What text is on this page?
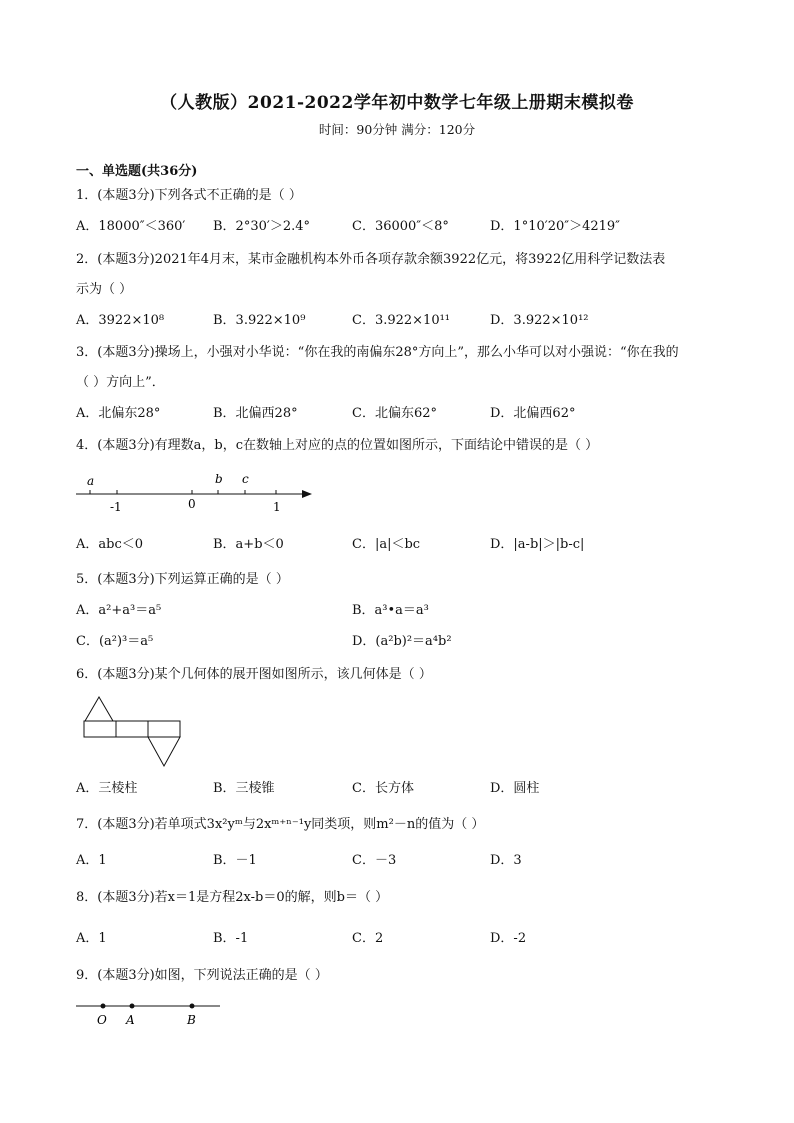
（人教版）2021-2022学年初中数学七年级上册期末模拟卷
时间：90分钟 满分：120分
一、单选题(共36分)
1．(本题3分)下列各式不正确的是（ ）
A．18000″＜360′ B．2°30′＞2.4°	C．36000″＜8°	D．1°10′20″＞4219″
2．(本题3分)2021年4月末，某市金融机构本外币各项存款余额3922亿元，将3922亿用科学记数法表
示为（ ）
A．3922×10⁸	B．3.922×10⁹	C．3.922×10¹¹	D．3.922×10¹²
3．(本题3分)操场上，小强对小华说：“你在我的南偏东28°方向上”，那么小华可以对小强说：“你在我的
（ ）方向上”．
A．北偏东28°	B．北偏西28°	C．北偏东62°	D．北偏西62°
4．(本题3分)有理数a，b，c在数轴上对应的点的位置如图所示，下面结论中错误的是（ ）
a	b c
-1	0	1
A．abc＜0	B．a+b＜0	C．|a|＜bc	D．|a-b|＞|b-c|
5．(本题3分)下列运算正确的是（ ）
A．a²+a³＝a⁵	B．a³•a＝a³
C．(a²)³＝a⁵	D．(a²b)²＝a⁴b²
6．(本题3分)某个几何体的展开图如图所示，该几何体是（ ）
A．三棱柱	B．三棱锥	C．长方体	D．圆柱
7．(本题3分)若单项式3x²yᵐ与2xᵐ⁺ⁿ⁻¹y同类项，则m²－n的值为（ ）
A．1	B．－1	C．－3	D．3
8．(本题3分)若x＝1是方程2x-b＝0的解，则b＝（ ）
A．1	B．-1	C．2	D．-2
9．(本题3分)如图，下列说法正确的是（ ）
O A	B
